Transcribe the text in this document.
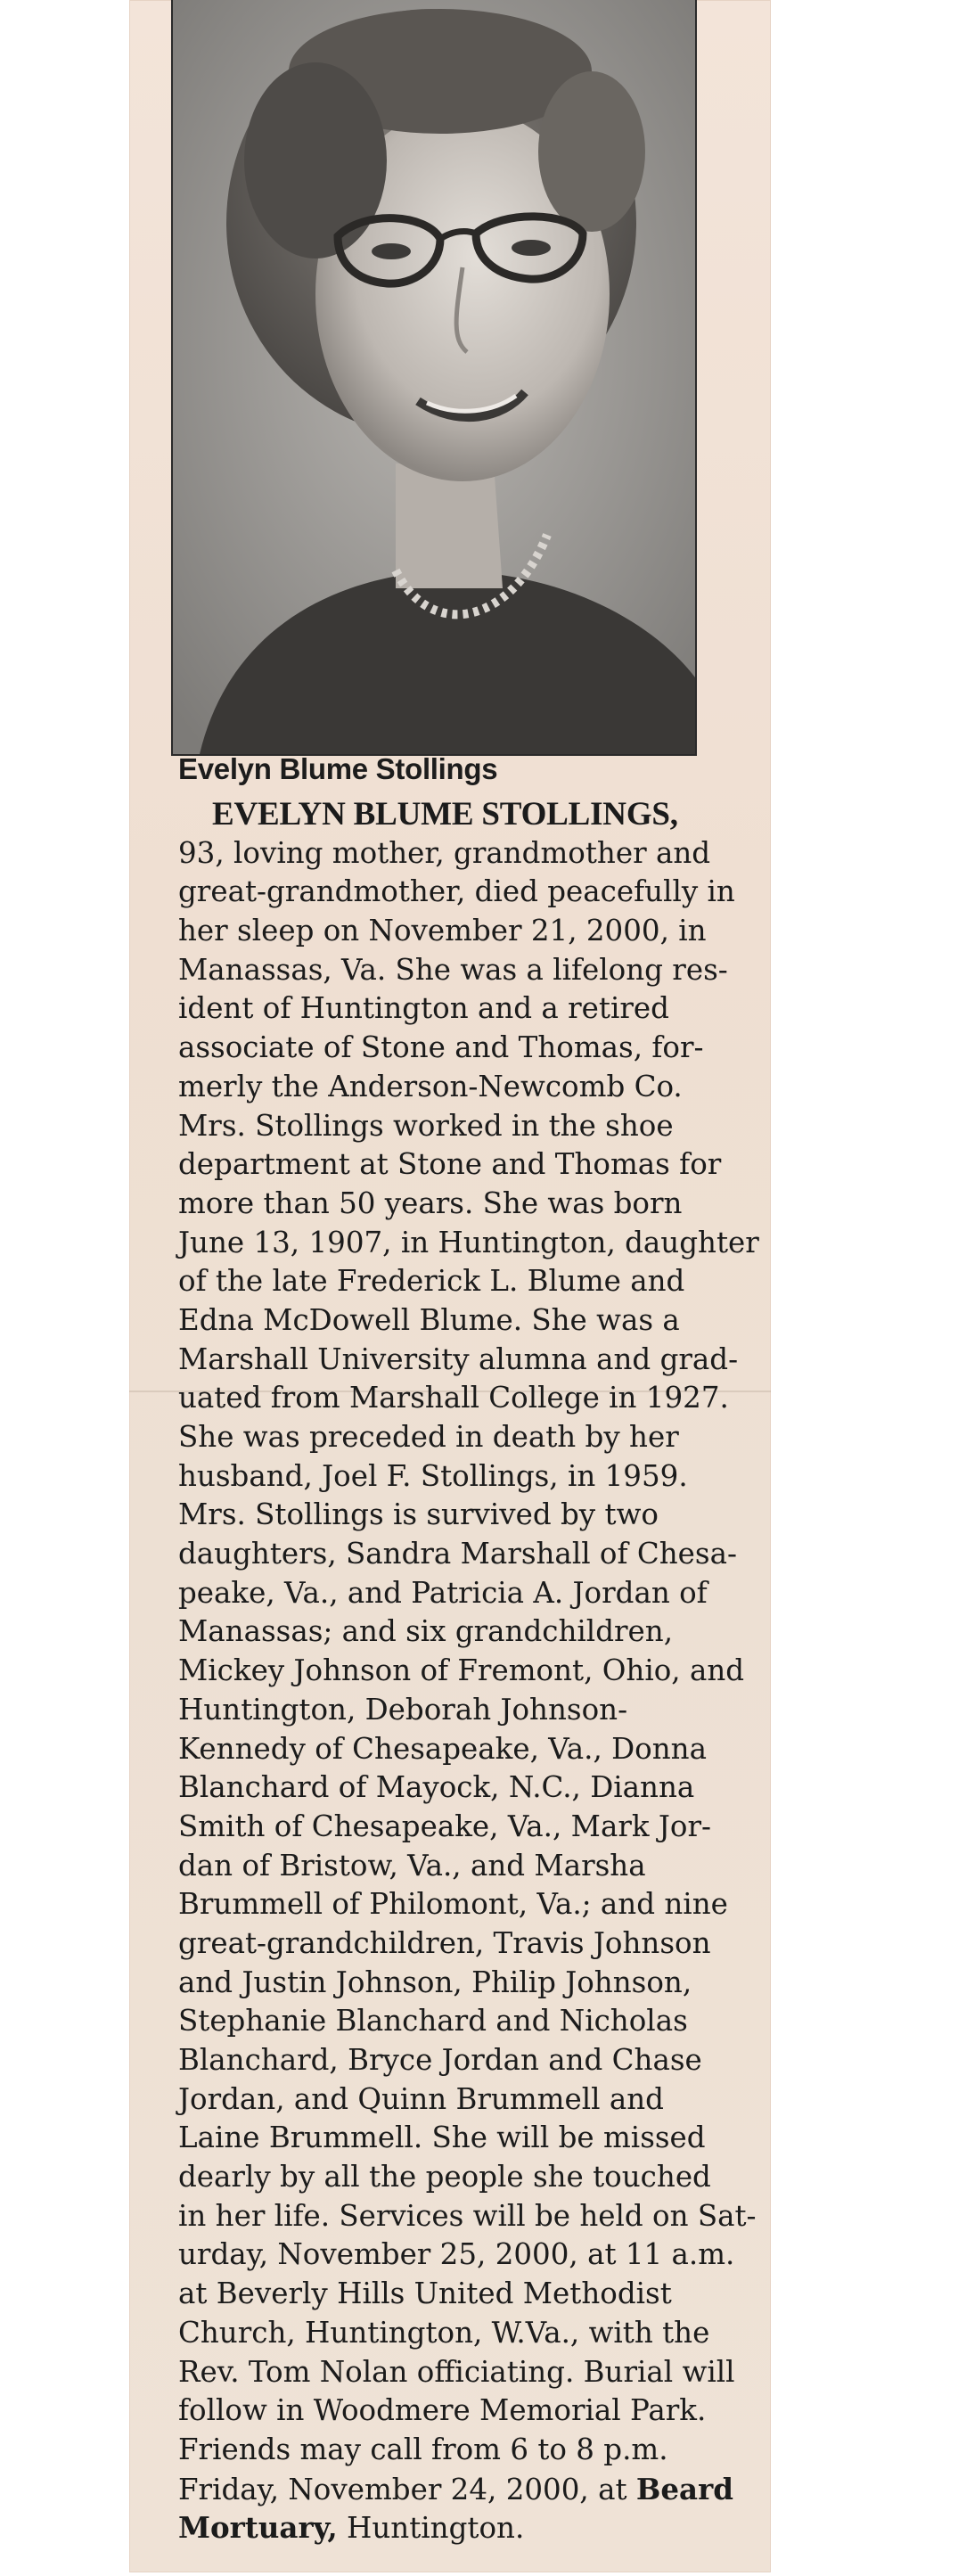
Evelyn Blume Stollings
EVELYN BLUME STOLLINGS,
93, loving mother, grandmother and
great-grandmother, died peacefully in
her sleep on November 21, 2000, in
Manassas, Va. She was a lifelong res-
ident of Huntington and a retired
associate of Stone and Thomas, for-
merly the Anderson-Newcomb Co.
Mrs. Stollings worked in the shoe
department at Stone and Thomas for
more than 50 years. She was born
June 13, 1907, in Huntington, daughter
of the late Frederick L. Blume and
Edna McDowell Blume. She was a
Marshall University alumna and grad-
uated from Marshall College in 1927.
She was preceded in death by her
husband, Joel F. Stollings, in 1959.
Mrs. Stollings is survived by two
daughters, Sandra Marshall of Chesa-
peake, Va., and Patricia A. Jordan of
Manassas; and six grandchildren,
Mickey Johnson of Fremont, Ohio, and
Huntington, Deborah Johnson-
Kennedy of Chesapeake, Va., Donna
Blanchard of Mayock, N.C., Dianna
Smith of Chesapeake, Va., Mark Jor-
dan of Bristow, Va., and Marsha
Brummell of Philomont, Va.; and nine
great-grandchildren, Travis Johnson
and Justin Johnson, Philip Johnson,
Stephanie Blanchard and Nicholas
Blanchard, Bryce Jordan and Chase
Jordan, and Quinn Brummell and
Laine Brummell. She will be missed
dearly by all the people she touched
in her life. Services will be held on Sat-
urday, November 25, 2000, at 11 a.m.
at Beverly Hills United Methodist
Church, Huntington, W.Va., with the
Rev. Tom Nolan officiating. Burial will
follow in Woodmere Memorial Park.
Friends may call from 6 to 8 p.m.
Friday, November 24, 2000, at Beard
Mortuary, Huntington.
